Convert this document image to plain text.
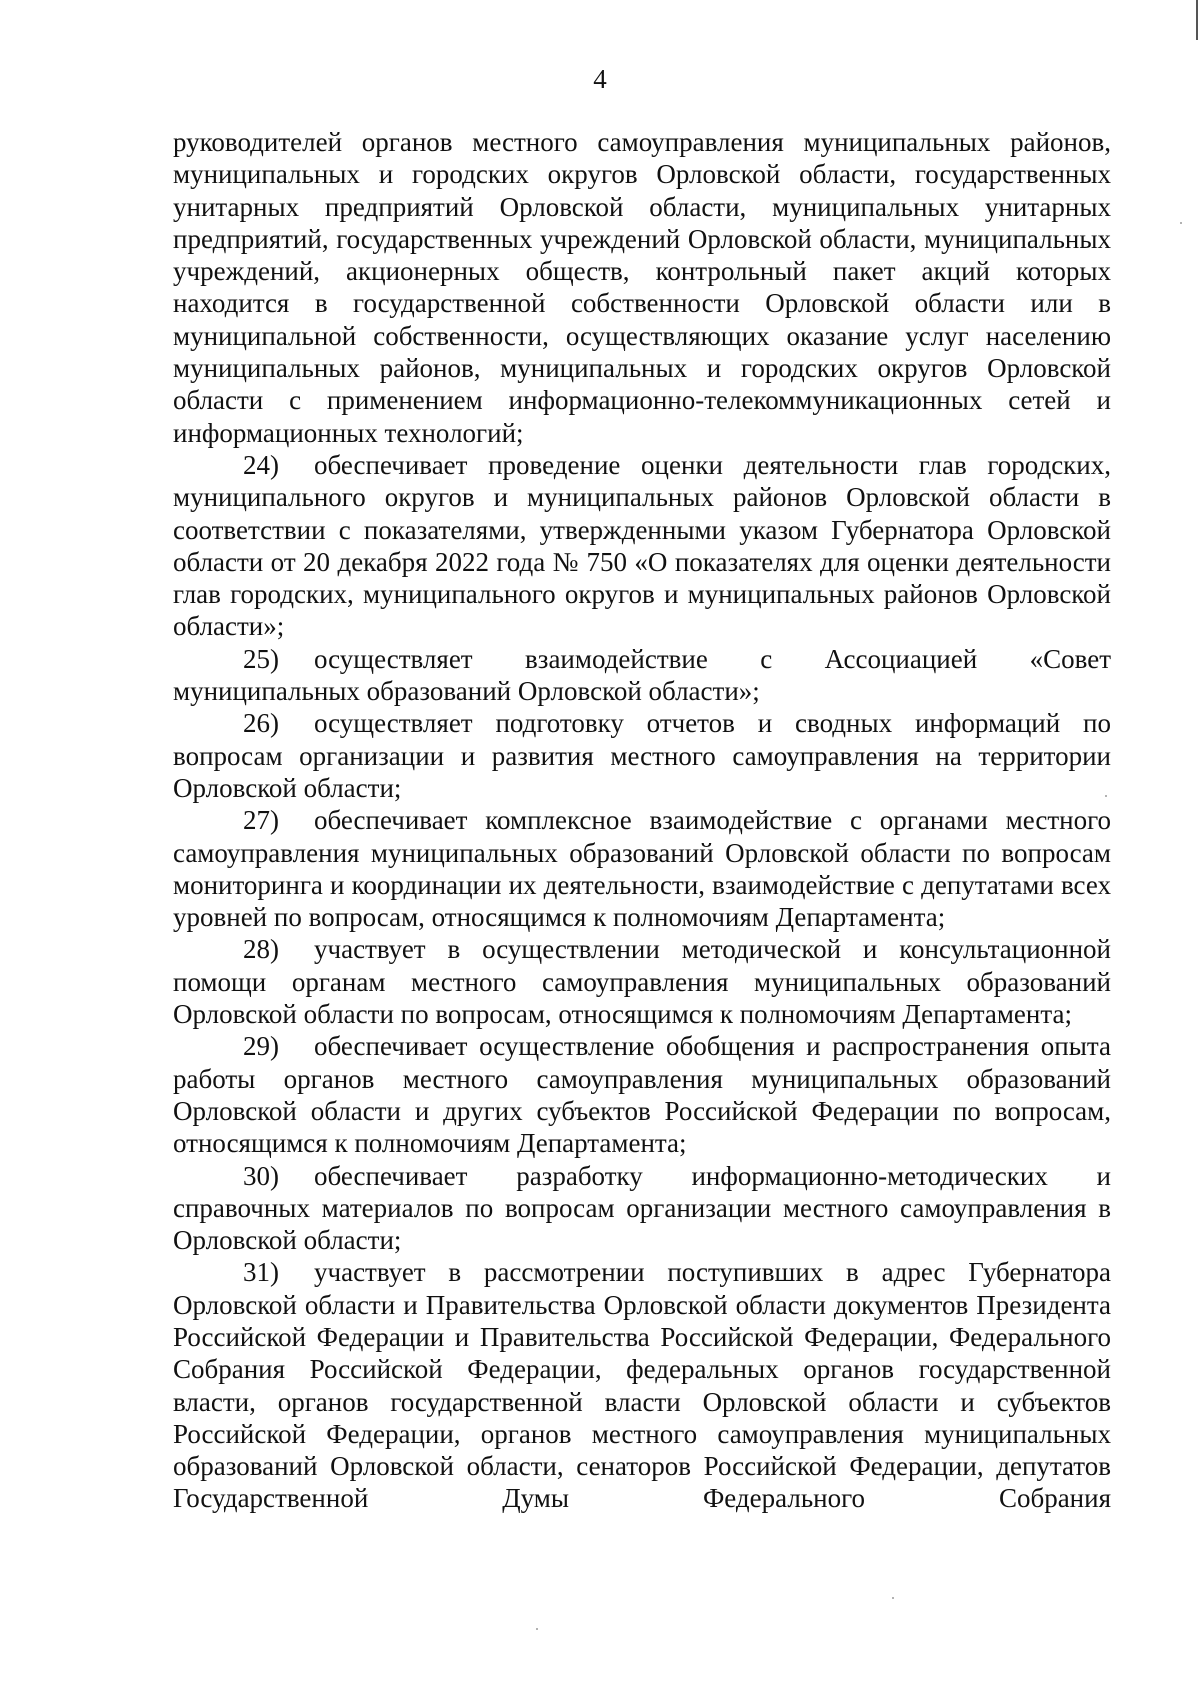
4

руководителей органов местного самоуправления муниципальных районов, муниципальных и городских округов Орловской области, государственных унитарных предприятий Орловской области, муниципальных унитарных предприятий, государственных учреждений Орловской области, муниципальных учреждений, акционерных обществ, контрольный пакет акций которых находится в государственной собственности Орловской области или в муниципальной собственности, осуществляющих оказание услуг населению муниципальных районов, муниципальных и городских округов Орловской области с применением информационно-телекоммуникационных сетей и информационных технологий;

24) обеспечивает проведение оценки деятельности глав городских, муниципального округов и муниципальных районов Орловской области в соответствии с показателями, утвержденными указом Губернатора Орловской области от 20 декабря 2022 года № 750 «О показателях для оценки деятельности глав городских, муниципального округов и муниципальных районов Орловской области»;

25) осуществляет взаимодействие с Ассоциацией «Совет муниципальных образований Орловской области»;

26) осуществляет подготовку отчетов и сводных информаций по вопросам организации и развития местного самоуправления на территории Орловской области;

27) обеспечивает комплексное взаимодействие с органами местного самоуправления муниципальных образований Орловской области по вопросам мониторинга и координации их деятельности, взаимодействие с депутатами всех уровней по вопросам, относящимся к полномочиям Департамента;

28) участвует в осуществлении методической и консультационной помощи органам местного самоуправления муниципальных образований Орловской области по вопросам, относящимся к полномочиям Департамента;

29) обеспечивает осуществление обобщения и распространения опыта работы органов местного самоуправления муниципальных образований Орловской области и других субъектов Российской Федерации по вопросам, относящимся к полномочиям Департамента;

30) обеспечивает разработку информационно-методических и справочных материалов по вопросам организации местного самоуправления в Орловской области;

31) участвует в рассмотрении поступивших в адрес Губернатора Орловской области и Правительства Орловской области документов Президента Российской Федерации и Правительства Российской Федерации, Федерального Собрания Российской Федерации, федеральных органов государственной власти, органов государственной власти Орловской области и субъектов Российской Федерации, органов местного самоуправления муниципальных образований Орловской области, сенаторов Российской Федерации, депутатов Государственной Думы Федерального Собрания
